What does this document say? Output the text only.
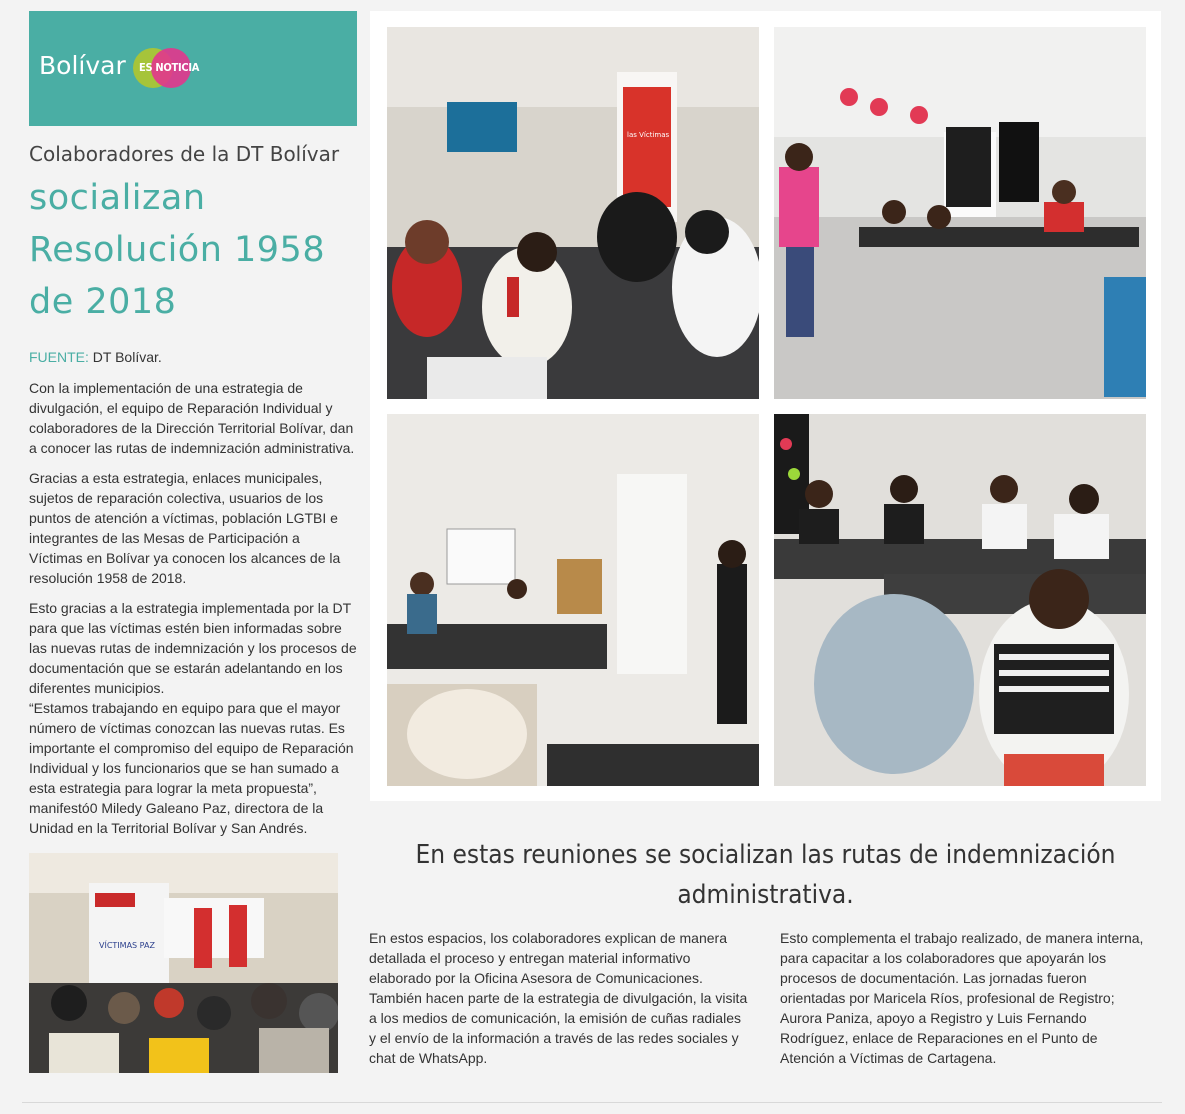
Bolívar ES NOTICIA
Colaboradores de la DT Bolívar
socializan
Resolución 1958
de 2018
FUENTE: DT Bolívar.

Con la implementación de una estrategia de divulgación, el equipo de Reparación Individual y colaboradores de la Dirección Territorial Bolívar, dan a conocer las rutas de indemnización administrativa.

Gracias a esta estrategia, enlaces municipales, sujetos de reparación colectiva, usuarios de los puntos de atención a víctimas, población LGTBI e integrantes de las Mesas de Participación a Víctimas en Bolívar ya conocen los alcances de la resolución 1958 de 2018.

Esto gracias a la estrategia implementada por la DT para que las víctimas estén bien informadas sobre las nuevas rutas de indemnización y los procesos de documentación que se estarán adelantando en los diferentes municipios.

“Estamos trabajando en equipo para que el mayor número de víctimas conozcan las nuevas rutas. Es importante el compromiso del equipo de Reparación Individual y los funcionarios que se han sumado a esta estrategia para lograr la meta propuesta”, manifestó0 Miledy Galeano Paz, directora de la Unidad en la Territorial Bolívar y San Andrés.

VÍCTIMAS PAZ
las Víctimas
En estas reuniones se socializan las rutas de indemnización administrativa.
En estos espacios, los colaboradores explican de manera detallada el proceso y entregan material informativo elaborado por la Oficina Asesora de Comunicaciones. También hacen parte de la estrategia de divulgación, la visita a los medios de comunicación, la emisión de cuñas radiales y el envío de la información a través de las redes sociales y chat de WhatsApp.
Esto complementa el trabajo realizado, de manera interna, para capacitar a los colaboradores que apoyarán los procesos de documentación. Las jornadas fueron orientadas por Maricela Ríos, profesional de Registro; Aurora Paniza, apoyo a Registro y Luis Fernando Rodríguez, enlace de Reparaciones en el Punto de Atención a Víctimas de Cartagena.
